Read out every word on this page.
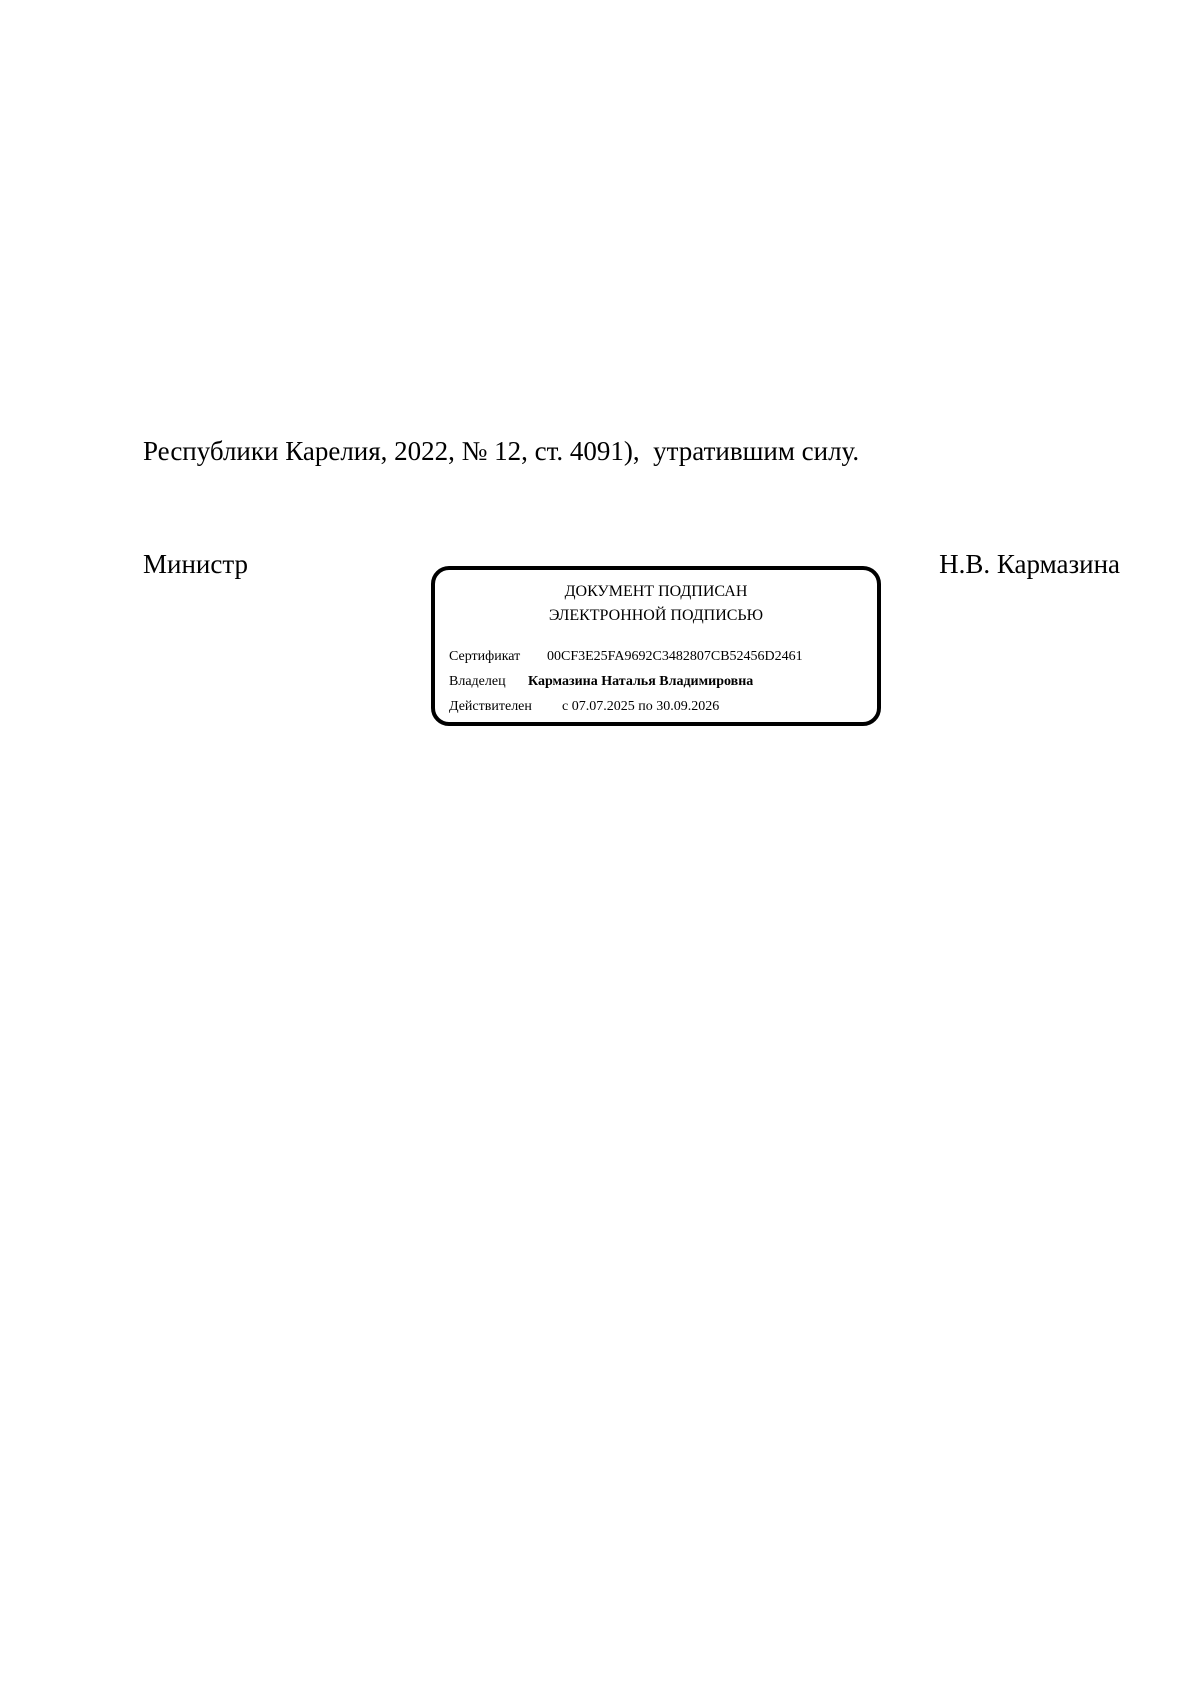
Республики Карелия, 2022, № 12, ст. 4091),  утратившим силу.
Министр	Н.В. Кармазина
ДОКУМЕНТ ПОДПИСАН
ЭЛЕКТРОННОЙ ПОДПИСЬЮ
Сертификат 00CF3E25FA9692C3482807CB52456D2461
Владелец Кармазина Наталья Владимировна
Действителен с 07.07.2025 по 30.09.2026
